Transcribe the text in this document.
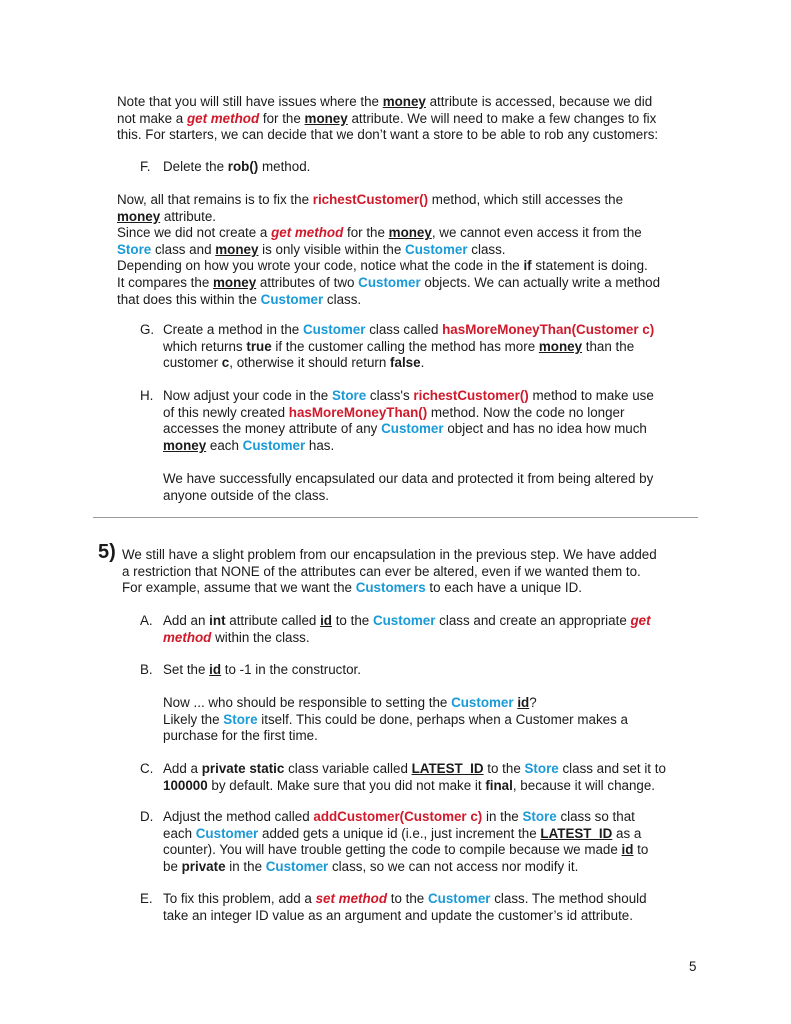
Note that you will still have issues where the money attribute is accessed, because we did

not make a get method for the money attribute. We will need to make a few changes to fix

this. For starters, we can decide that we don’t want a store to be able to rob any customers:

F. Delete the rob() method.

Now, all that remains is to fix the richestCustomer() method, which still accesses the

money attribute.

Since we did not create a get method for the money, we cannot even access it from the

Store class and money is only visible within the Customer class.

Depending on how you wrote your code, notice what the code in the if statement is doing.

It compares the money attributes of two Customer objects. We can actually write a method

that does this within the Customer class.

G. Create a method in the Customer class called hasMoreMoneyThan(Customer c)

which returns true if the customer calling the method has more money than the

customer c, otherwise it should return false.

H. Now adjust your code in the Store class's richestCustomer() method to make use

of this newly created hasMoreMoneyThan() method. Now the code no longer

accesses the money attribute of any Customer object and has no idea how much

money each Customer has.

We have successfully encapsulated our data and protected it from being altered by

anyone outside of the class.

5) We still have a slight problem from our encapsulation in the previous step. We have added

a restriction that NONE of the attributes can ever be altered, even if we wanted them to.

For example, assume that we want the Customers to each have a unique ID.

A. Add an int attribute called id to the Customer class and create an appropriate get

method within the class.

B. Set the id to -1 in the constructor.

Now ... who should be responsible to setting the Customer id?

Likely the Store itself. This could be done, perhaps when a Customer makes a

purchase for the first time.

C. Add a private static class variable called LATEST_ID to the Store class and set it to

100000 by default. Make sure that you did not make it final, because it will change.

D. Adjust the method called addCustomer(Customer c) in the Store class so that

each Customer added gets a unique id (i.e., just increment the LATEST_ID as a

counter). You will have trouble getting the code to compile because we made id to

be private in the Customer class, so we can not access nor modify it.

E. To fix this problem, add a set method to the Customer class. The method should

take an integer ID value as an argument and update the customer’s id attribute.

5
